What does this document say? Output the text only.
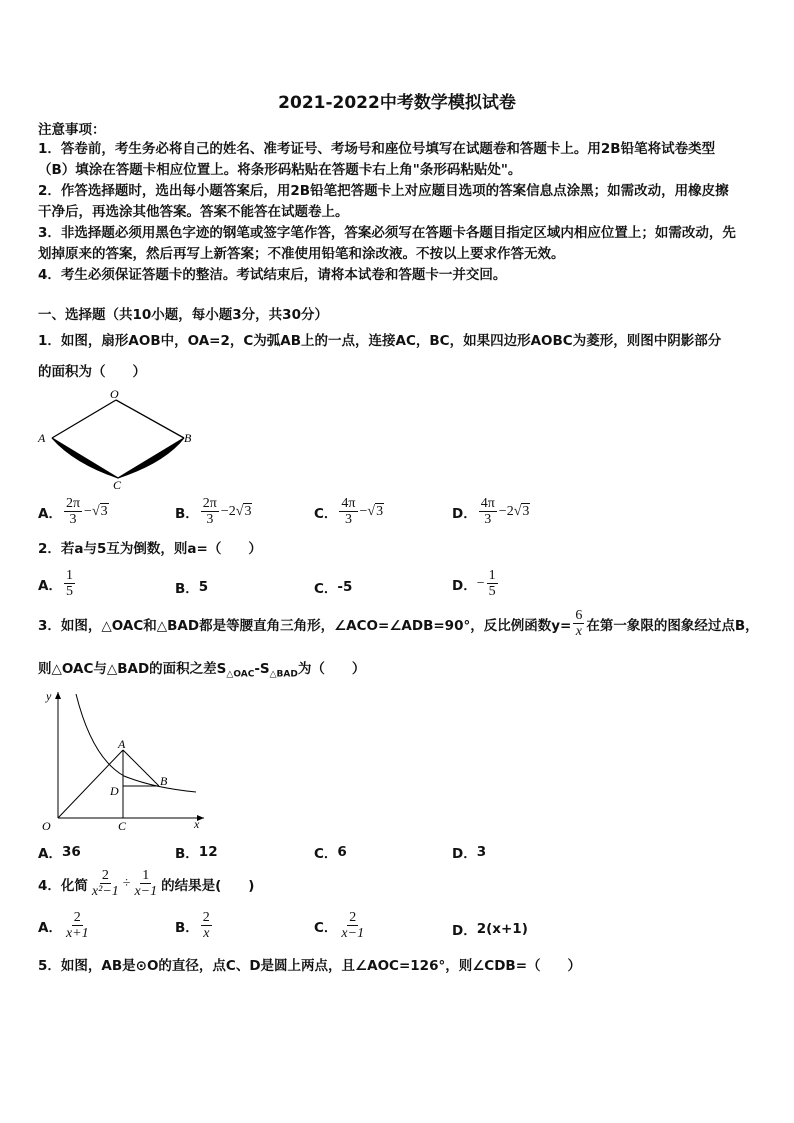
2021-2022中考数学模拟试卷
注意事项：
1．答卷前，考生务必将自己的姓名、准考证号、考场号和座位号填写在试题卷和答题卡上。用2B铅笔将试卷类型
（B）填涂在答题卡相应位置上。将条形码粘贴在答题卡右上角"条形码粘贴处"。
2．作答选择题时，选出每小题答案后，用2B铅笔把答题卡上对应题目选项的答案信息点涂黑；如需改动，用橡皮擦
干净后，再选涂其他答案。答案不能答在试题卷上。
3．非选择题必须用黑色字迹的钢笔或签字笔作答，答案必须写在答题卡各题目指定区域内相应位置上；如需改动，先
划掉原来的答案，然后再写上新答案；不准使用铅笔和涂改液。不按以上要求作答无效。
4．考生必须保证答题卡的整洁。考试结束后，请将本试卷和答题卡一并交回。
一、选择题（共10小题，每小题3分，共30分）
1．如图，扇形AOB中，OA=2，C为弧AB上的一点，连接AC，BC，如果四边形AOBC为菱形，则图中阴影部分
的面积为（　　）
O
A	B
C
A． $\frac{2\pi}{3}$ − √ 3	B． $\frac{2\pi}{3} -2$ √ 3	C． $\frac{4\pi}{3}$ − √ 3	D． $\frac{4\pi}{3} -2$ √ 3
2．若a与5互为倒数，则a=（　　）
A． $\frac{1}{5}$	B． 5	C． -5	D． − $\frac{1}{5}$
3．如图，△OAC和△BAD都是等腰直角三角形，∠ACO=∠ADB=90°，反比例函数$y= \frac{6}{x}$ 在第一象限的图象经过点B，
则△OAC与△BAD的面积之差$S_{\triangle OAC}-S_{\triangle BAD}$为（　　）
y
x
O
A
B
C
D
A． 36	B． 12	C． 6	D． 3
4．化简 $\frac{2}{\text{x²−1}} \div \frac{1}{x-1}$ 的结果是(　　)
A． $\frac{2}{x+1}$	B． $\frac{2}{x}$	C． $\frac{2}{x-1}$	D． 2(x+1)
5．如图，AB是⊙O的直径，点C、D是圆上两点，且∠AOC=126°，则∠CDB=（　　）
